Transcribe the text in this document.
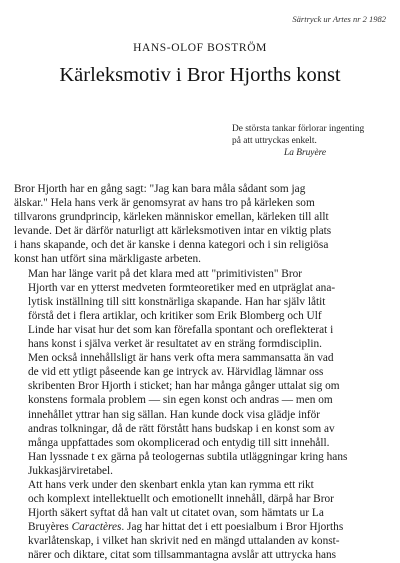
Särtryck ur Artes nr 2 1982
HANS-OLOF BOSTRÖM
Kärleksmotiv i Bror Hjorths konst
De största tankar förlorar ingenting
på att uttryckas enkelt.
La Bruyère

Bror Hjorth har en gång sagt: "Jag kan bara måla sådant som jag
älskar." Hela hans verk är genomsyrat av hans tro på kärleken som
tillvarons grundprincip, kärleken människor emellan, kärleken till allt
levande. Det är därför naturligt att kärleksmotiven intar en viktig plats
i hans skapande, och det är kanske i denna kategori och i sin religiösa
konst han utfört sina märkligaste arbeten.

Man har länge varit på det klara med att "primitivisten" Bror
Hjorth var en ytterst medveten formteoretiker med en utpräglat ana-
lytisk inställning till sitt konstnärliga skapande. Han har själv låtit
förstå det i flera artiklar, och kritiker som Erik Blomberg och Ulf
Linde har visat hur det som kan förefalla spontant och oreflekterat i
hans konst i själva verket är resultatet av en sträng formdisciplin.

Men också innehållsligt är hans verk ofta mera sammansatta än vad
de vid ett ytligt påseende kan ge intryck av. Härvidlag lämnar oss
skribenten Bror Hjorth i sticket; han har många gånger uttalat sig om
konstens formala problem — sin egen konst och andras — men om
innehållet yttrar han sig sällan. Han kunde dock visa glädje inför
andras tolkningar, då de rätt förstått hans budskap i en konst som av
många uppfattades som okomplicerad och entydig till sitt innehåll.
Han lyssnade t ex gärna på teologernas subtila utläggningar kring hans
Jukkasjärviretabel.

Att hans verk under den skenbart enkla ytan kan rymma ett rikt
och komplext intellektuellt och emotionellt innehåll, därpå har Bror
Hjorth säkert syftat då han valt ut citatet ovan, som hämtats ur La
Bruyères Caractères. Jag har hittat det i ett poesialbum i Bror Hjorths
kvarlåtenskap, i vilket han skrivit ned en mängd uttalanden av konst-
närer och diktare, citat som tillsammantagna avslår att uttrycka hans
